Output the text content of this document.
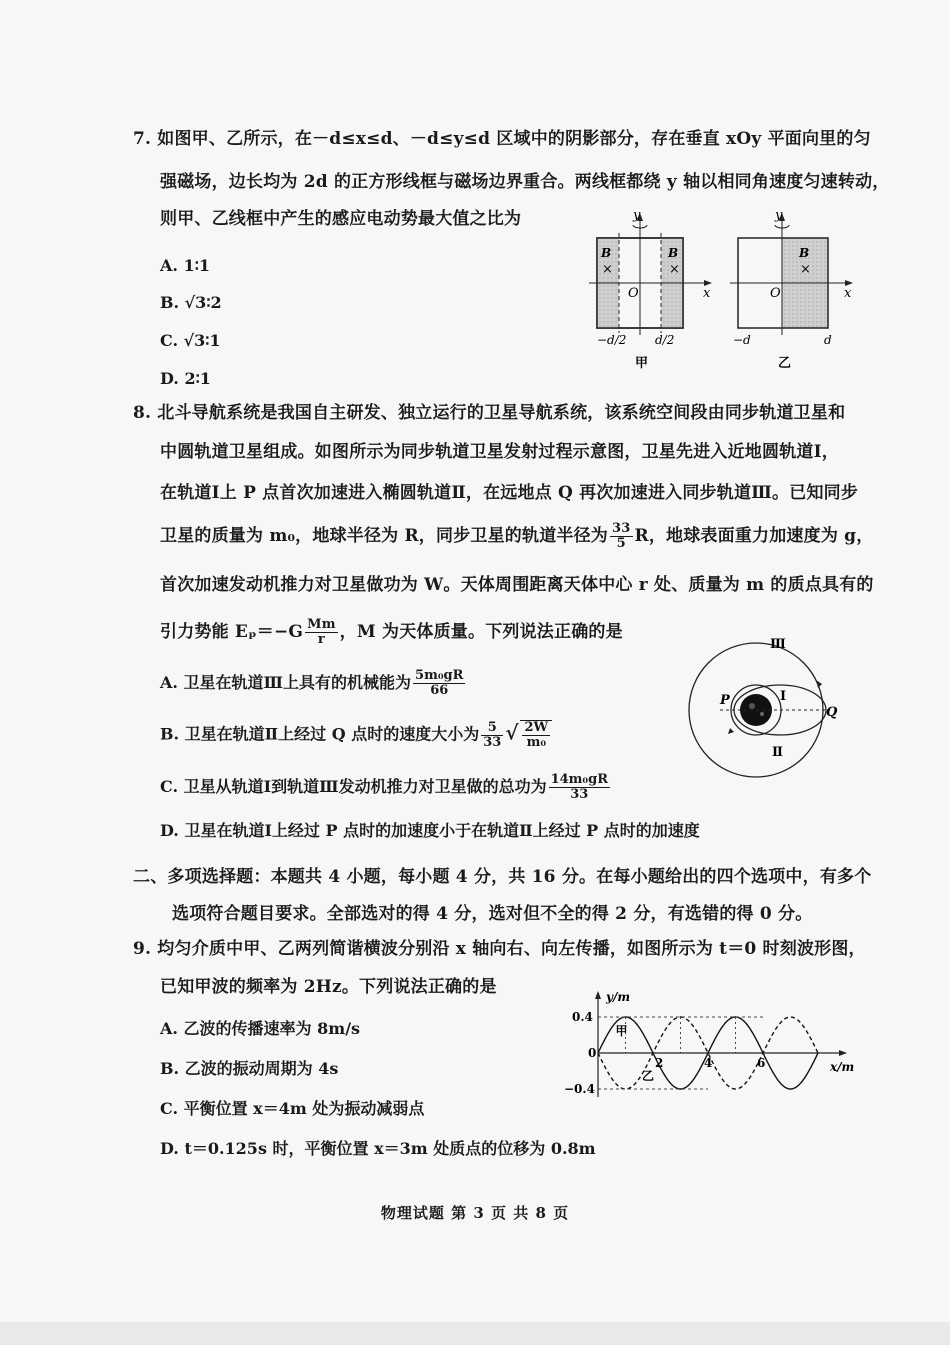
7. 如图甲、乙所示，在－d≤x≤d、－d≤y≤d 区域中的阴影部分，存在垂直 xOy 平面向里的匀
强磁场，边长均为 2d 的正方形线框与磁场边界重合。两线框都绕 y 轴以相同角速度匀速转动，
则甲、乙线框中产生的感应电动势最大值之比为
A. 1∶1
B. √3∶2
C. √3∶1
D. 2∶1
y
x
O
B
×
B
×
−d/2 d/2
甲
y
x
O
B
×
−d	d
乙
8. 北斗导航系统是我国自主研发、独立运行的卫星导航系统，该系统空间段由同步轨道卫星和
中圆轨道卫星组成。如图所示为同步轨道卫星发射过程示意图，卫星先进入近地圆轨道Ⅰ，
在轨道Ⅰ上 P 点首次加速进入椭圆轨道Ⅱ，在远地点 Q 再次加速进入同步轨道Ⅲ。已知同步
卫星的质量为 m₀，地球半径为 R，同步卫星的轨道半径为 $\frac{33}{5}$ R，地球表面重力加速度为 g，
首次加速发动机推力对卫星做功为 W。天体周围距离天体中心 r 处、质量为 m 的质点具有的
引力势能 $E_p=-G \frac{Mm}{r}$ ，M 为天体质量。下列说法正确的是
A. 卫星在轨道Ⅲ上具有的机械能为 $\frac{\text{5m₀gR}}{66}$
B. 卫星在轨道Ⅱ上经过 Q 点时的速度大小为 $\frac{5}{33}$ √ $\frac{2W}{\text{m₀}}$
C. 卫星从轨道Ⅰ到轨道Ⅲ发动机推力对卫星做的总功为 $\frac{\text{14m₀gR}}{33}$
D. 卫星在轨道Ⅰ上经过 P 点时的加速度小于在轨道Ⅱ上经过 P 点时的加速度
Ⅲ
Ⅰ
Ⅱ
P
Q
二、多项选择题：本题共 4 小题，每小题 4 分，共 16 分。在每小题给出的四个选项中，有多个
选项符合题目要求。全部选对的得 4 分，选对但不全的得 2 分，有选错的得 0 分。
9. 均匀介质中甲、乙两列简谐横波分别沿 x 轴向右、向左传播，如图所示为 t＝0 时刻波形图，
已知甲波的频率为 2Hz。下列说法正确的是
A. 乙波的传播速率为 8m/s
B. 乙波的振动周期为 4s
C. 平衡位置 x＝4m 处为振动减弱点
D. t＝0.125s 时，平衡位置 x＝3m 处质点的位移为 0.8m
y/m
x/m
0.4
0
−0.4
2	4	6
甲
乙
物理试题 第 3 页 共 8 页
